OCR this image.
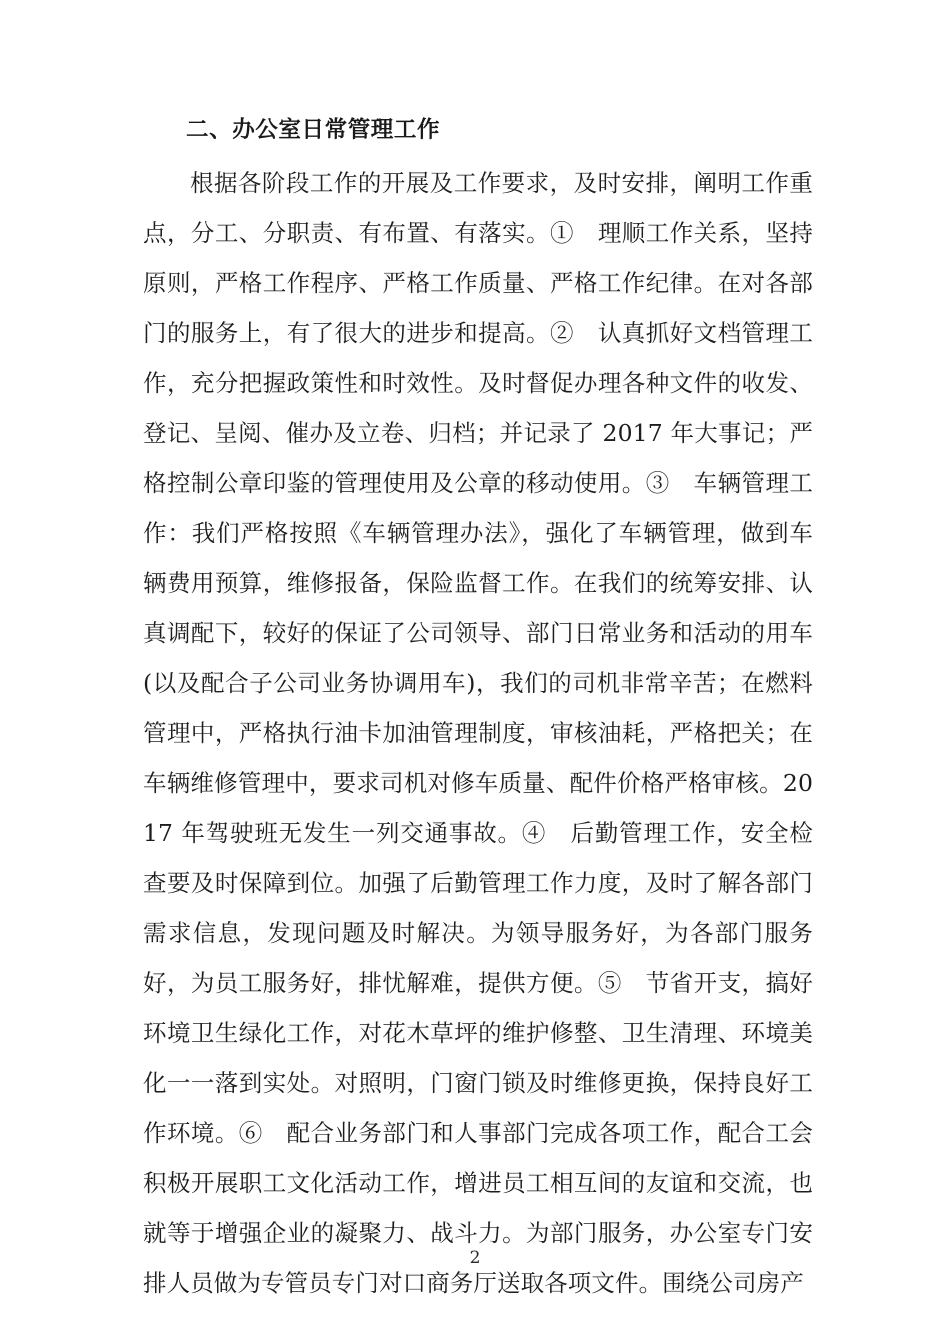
二、办公室日常管理工作

根据各阶段工作的开展及工作要求，及时安排，阐明工作重点，分工、分职责、有布置、有落实。①　理顺工作关系，坚持原则，严格工作程序、严格工作质量、严格工作纪律。在对各部门的服务上，有了很大的进步和提高。②　认真抓好文档管理工作，充分把握政策性和时效性。及时督促办理各种文件的收发、登记、呈阅、催办及立卷、归档；并记录了 2017 年大事记；严格控制公章印鉴的管理使用及公章的移动使用。③　车辆管理工作：我们严格按照《车辆管理办法》，强化了车辆管理，做到车辆费用预算，维修报备，保险监督工作。在我们的统筹安排、认真调配下，较好的保证了公司领导、部门日常业务和活动的用车(以及配合子公司业务协调用车)，我们的司机非常辛苦；在燃料管理中，严格执行油卡加油管理制度，审核油耗，严格把关；在车辆维修管理中，要求司机对修车质量、配件价格严格审核。2017 年驾驶班无发生一列交通事故。④　后勤管理工作，安全检查要及时保障到位。加强了后勤管理工作力度，及时了解各部门需求信息，发现问题及时解决。为领导服务好，为各部门服务好，为员工服务好，排忧解难，提供方便。⑤　节省开支，搞好环境卫生绿化工作，对花木草坪的维护修整、卫生清理、环境美化一一落到实处。对照明，门窗门锁及时维修更换，保持良好工作环境。⑥　配合业务部门和人事部门完成各项工作，配合工会积极开展职工文化活动工作，增进员工相互间的友谊和交流，也就等于增强企业的凝聚力、战斗力。为部门服务，办公室专门安排人员做为专管员专门对口商务厅送取各项文件。围绕公司房产

2
